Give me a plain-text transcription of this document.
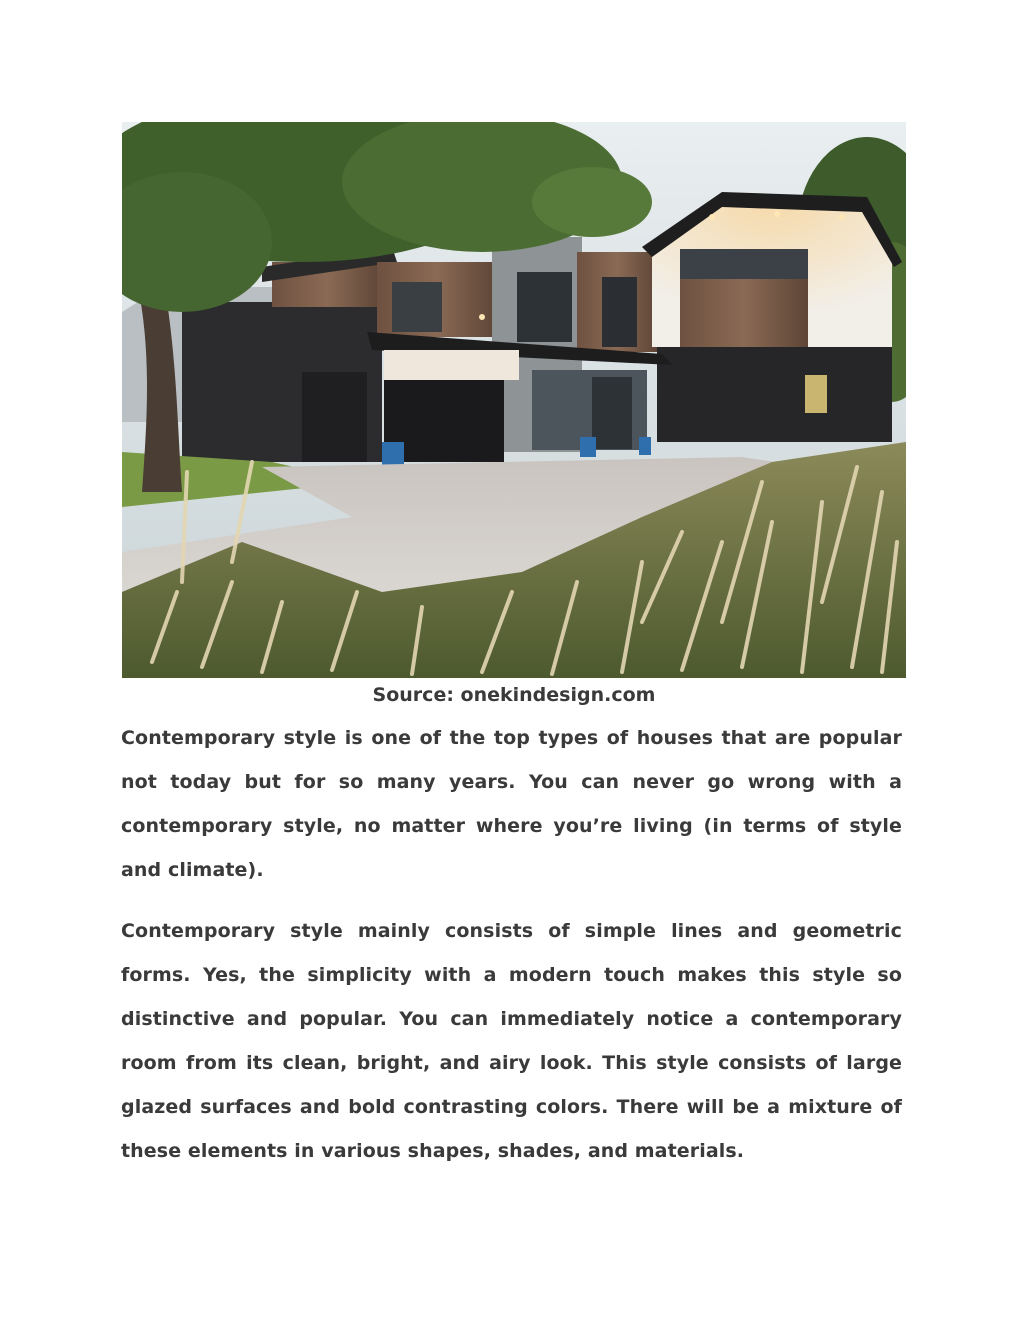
Source: onekindesign.com

Contemporary style is one of the top types of houses that are popular not today but for so many years. You can never go wrong with a contemporary style, no matter where you’re living (in terms of style and climate).

Contemporary style mainly consists of simple lines and geometric forms. Yes, the simplicity with a modern touch makes this style so distinctive and popular. You can immediately notice a contemporary room from its clean, bright, and airy look. This style consists of large glazed surfaces and bold contrasting colors. There will be a mixture of these elements in various shapes, shades, and materials.
